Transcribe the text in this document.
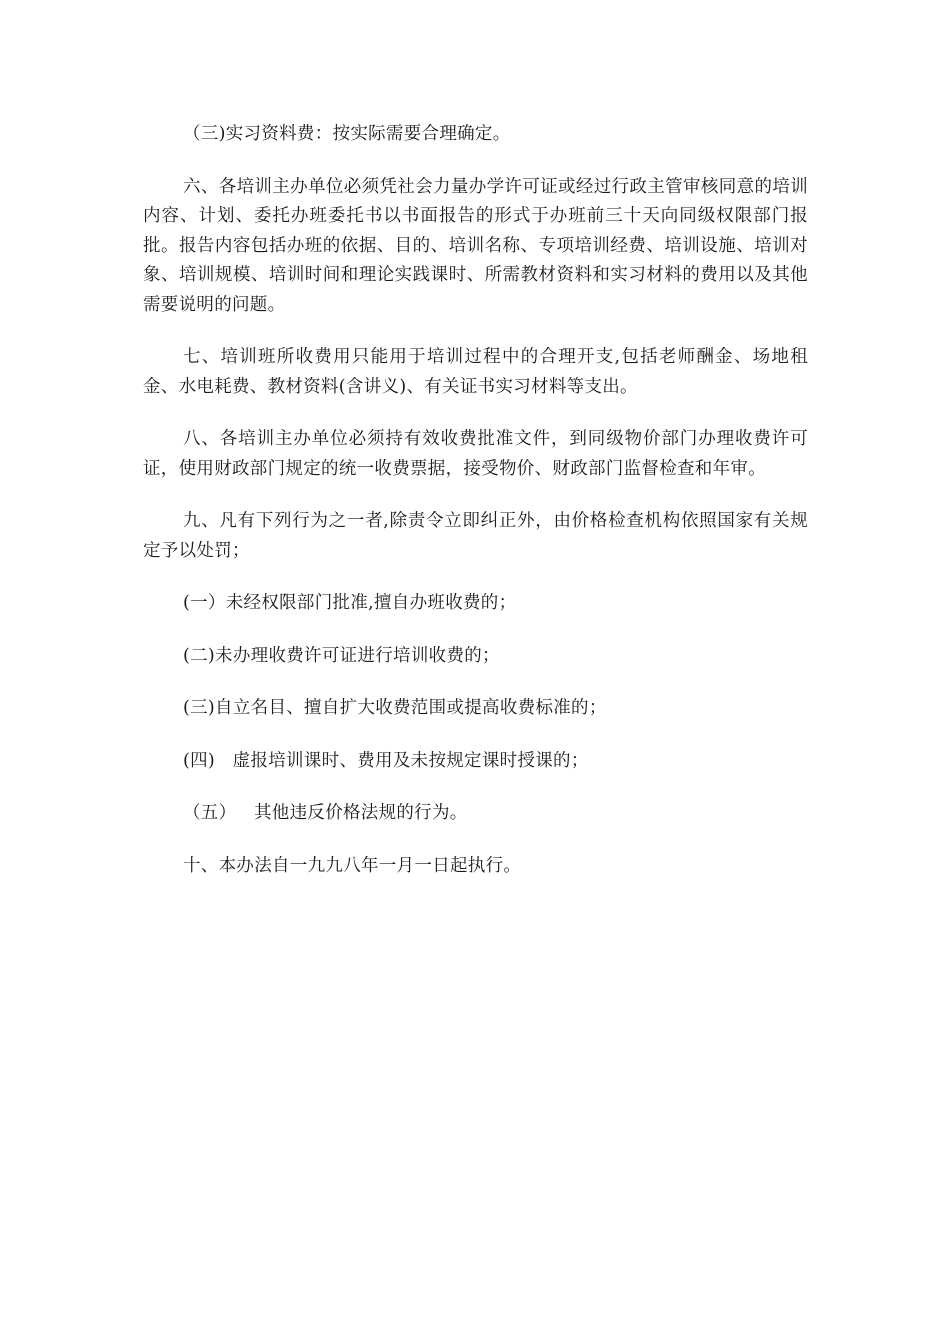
（三)实习资料费：按实际需要合理确定。

六、各培训主办单位必须凭社会力量办学许可证或经过行政主管审核同意的培训内容、计划、委托办班委托书以书面报告的形式于办班前三十天向同级权限部门报批。报告内容包括办班的依据、目的、培训名称、专项培训经费、培训设施、培训对象、培训规模、培训时间和理论实践课时、所需教材资料和实习材料的费用以及其他需要说明的问题。

七、培训班所收费用只能用于培训过程中的合理开支,包括老师酬金、场地租金、水电耗费、教材资料(含讲义)、有关证书实习材料等支出。

八、各培训主办单位必须持有效收费批准文件，到同级物价部门办理收费许可证，使用财政部门规定的统一收费票据，接受物价、财政部门监督检查和年审。

九、凡有下列行为之一者,除责令立即纠正外，由价格检查机构依照国家有关规定予以处罚；

(一）未经权限部门批准,擅自办班收费的；

(二)未办理收费许可证进行培训收费的；

(三)自立名目、擅自扩大收费范围或提高收费标准的；

(四)   虚报培训课时、费用及未按规定课时授课的；

（五）   其他违反价格法规的行为。

十、本办法自一九九八年一月一日起执行。
